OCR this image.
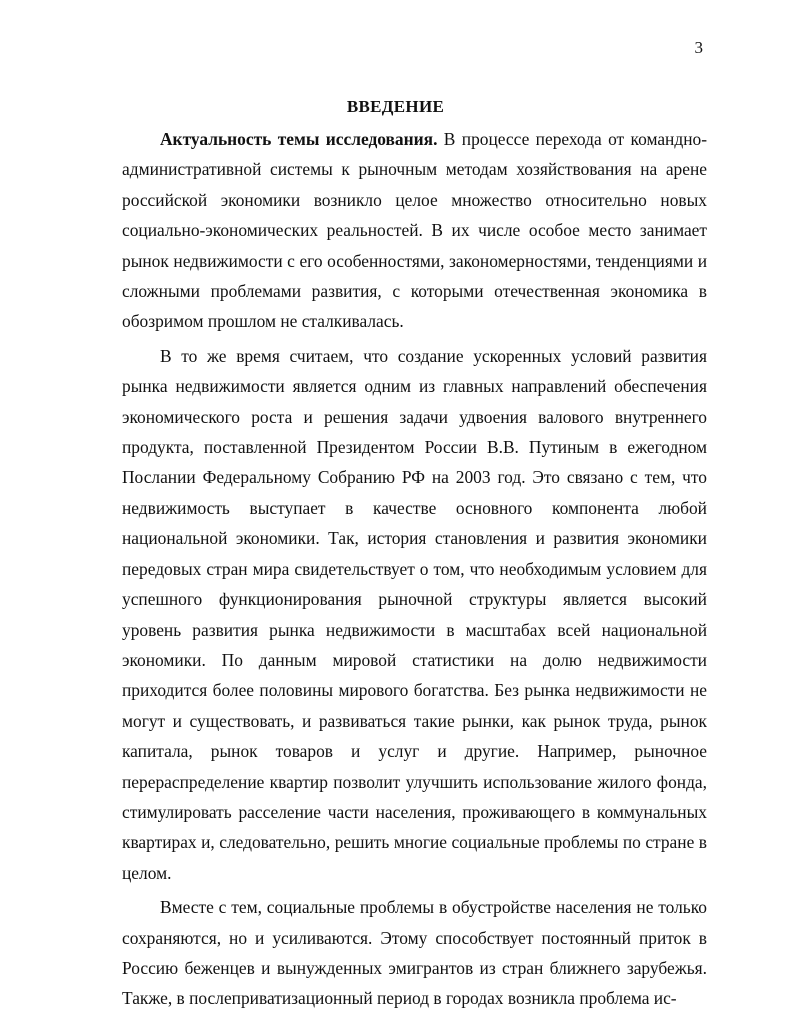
3
ВВЕДЕНИЕ

Актуальность темы исследования. В процессе перехода от командно-административной системы к рыночным методам хозяйствования на арене российской экономики возникло целое множество относительно новых социально-экономических реальностей. В их числе особое место занимает рынок недвижимости с его особенностями, закономерностями, тенденциями и сложными проблемами развития, с которыми отечественная экономика в обозримом прошлом не сталкивалась.

В то же время считаем, что создание ускоренных условий развития рынка недвижимости является одним из главных направлений обеспечения экономического роста и решения задачи удвоения валового внутреннего продукта, поставленной Президентом России В.В. Путиным в ежегодном Послании Федеральному Собранию РФ на 2003 год. Это связано с тем, что недвижимость выступает в качестве основного компонента любой национальной экономики. Так, история становления и развития экономики передовых стран мира свидетельствует о том, что необходимым условием для успешного функционирования рыночной структуры является высокий уровень развития рынка недвижимости в масштабах всей национальной экономики. По данным мировой статистики на долю недвижимости приходится более половины мирового богатства. Без рынка недвижимости не могут и существовать, и развиваться такие рынки, как рынок труда, рынок капитала, рынок товаров и услуг и другие. Например, рыночное перераспределение квартир позволит улучшить использование жилого фонда, стимулировать расселение части населения, проживающего в коммунальных квартирах и, следовательно, решить многие социальные проблемы по стране в целом.

Вместе с тем, социальные проблемы в обустройстве населения не только сохраняются, но и усиливаются. Этому способствует постоянный приток в Россию беженцев и вынужденных эмигрантов из стран ближнего зарубежья. Также, в послеприватизационный период в городах возникла проблема ис-
